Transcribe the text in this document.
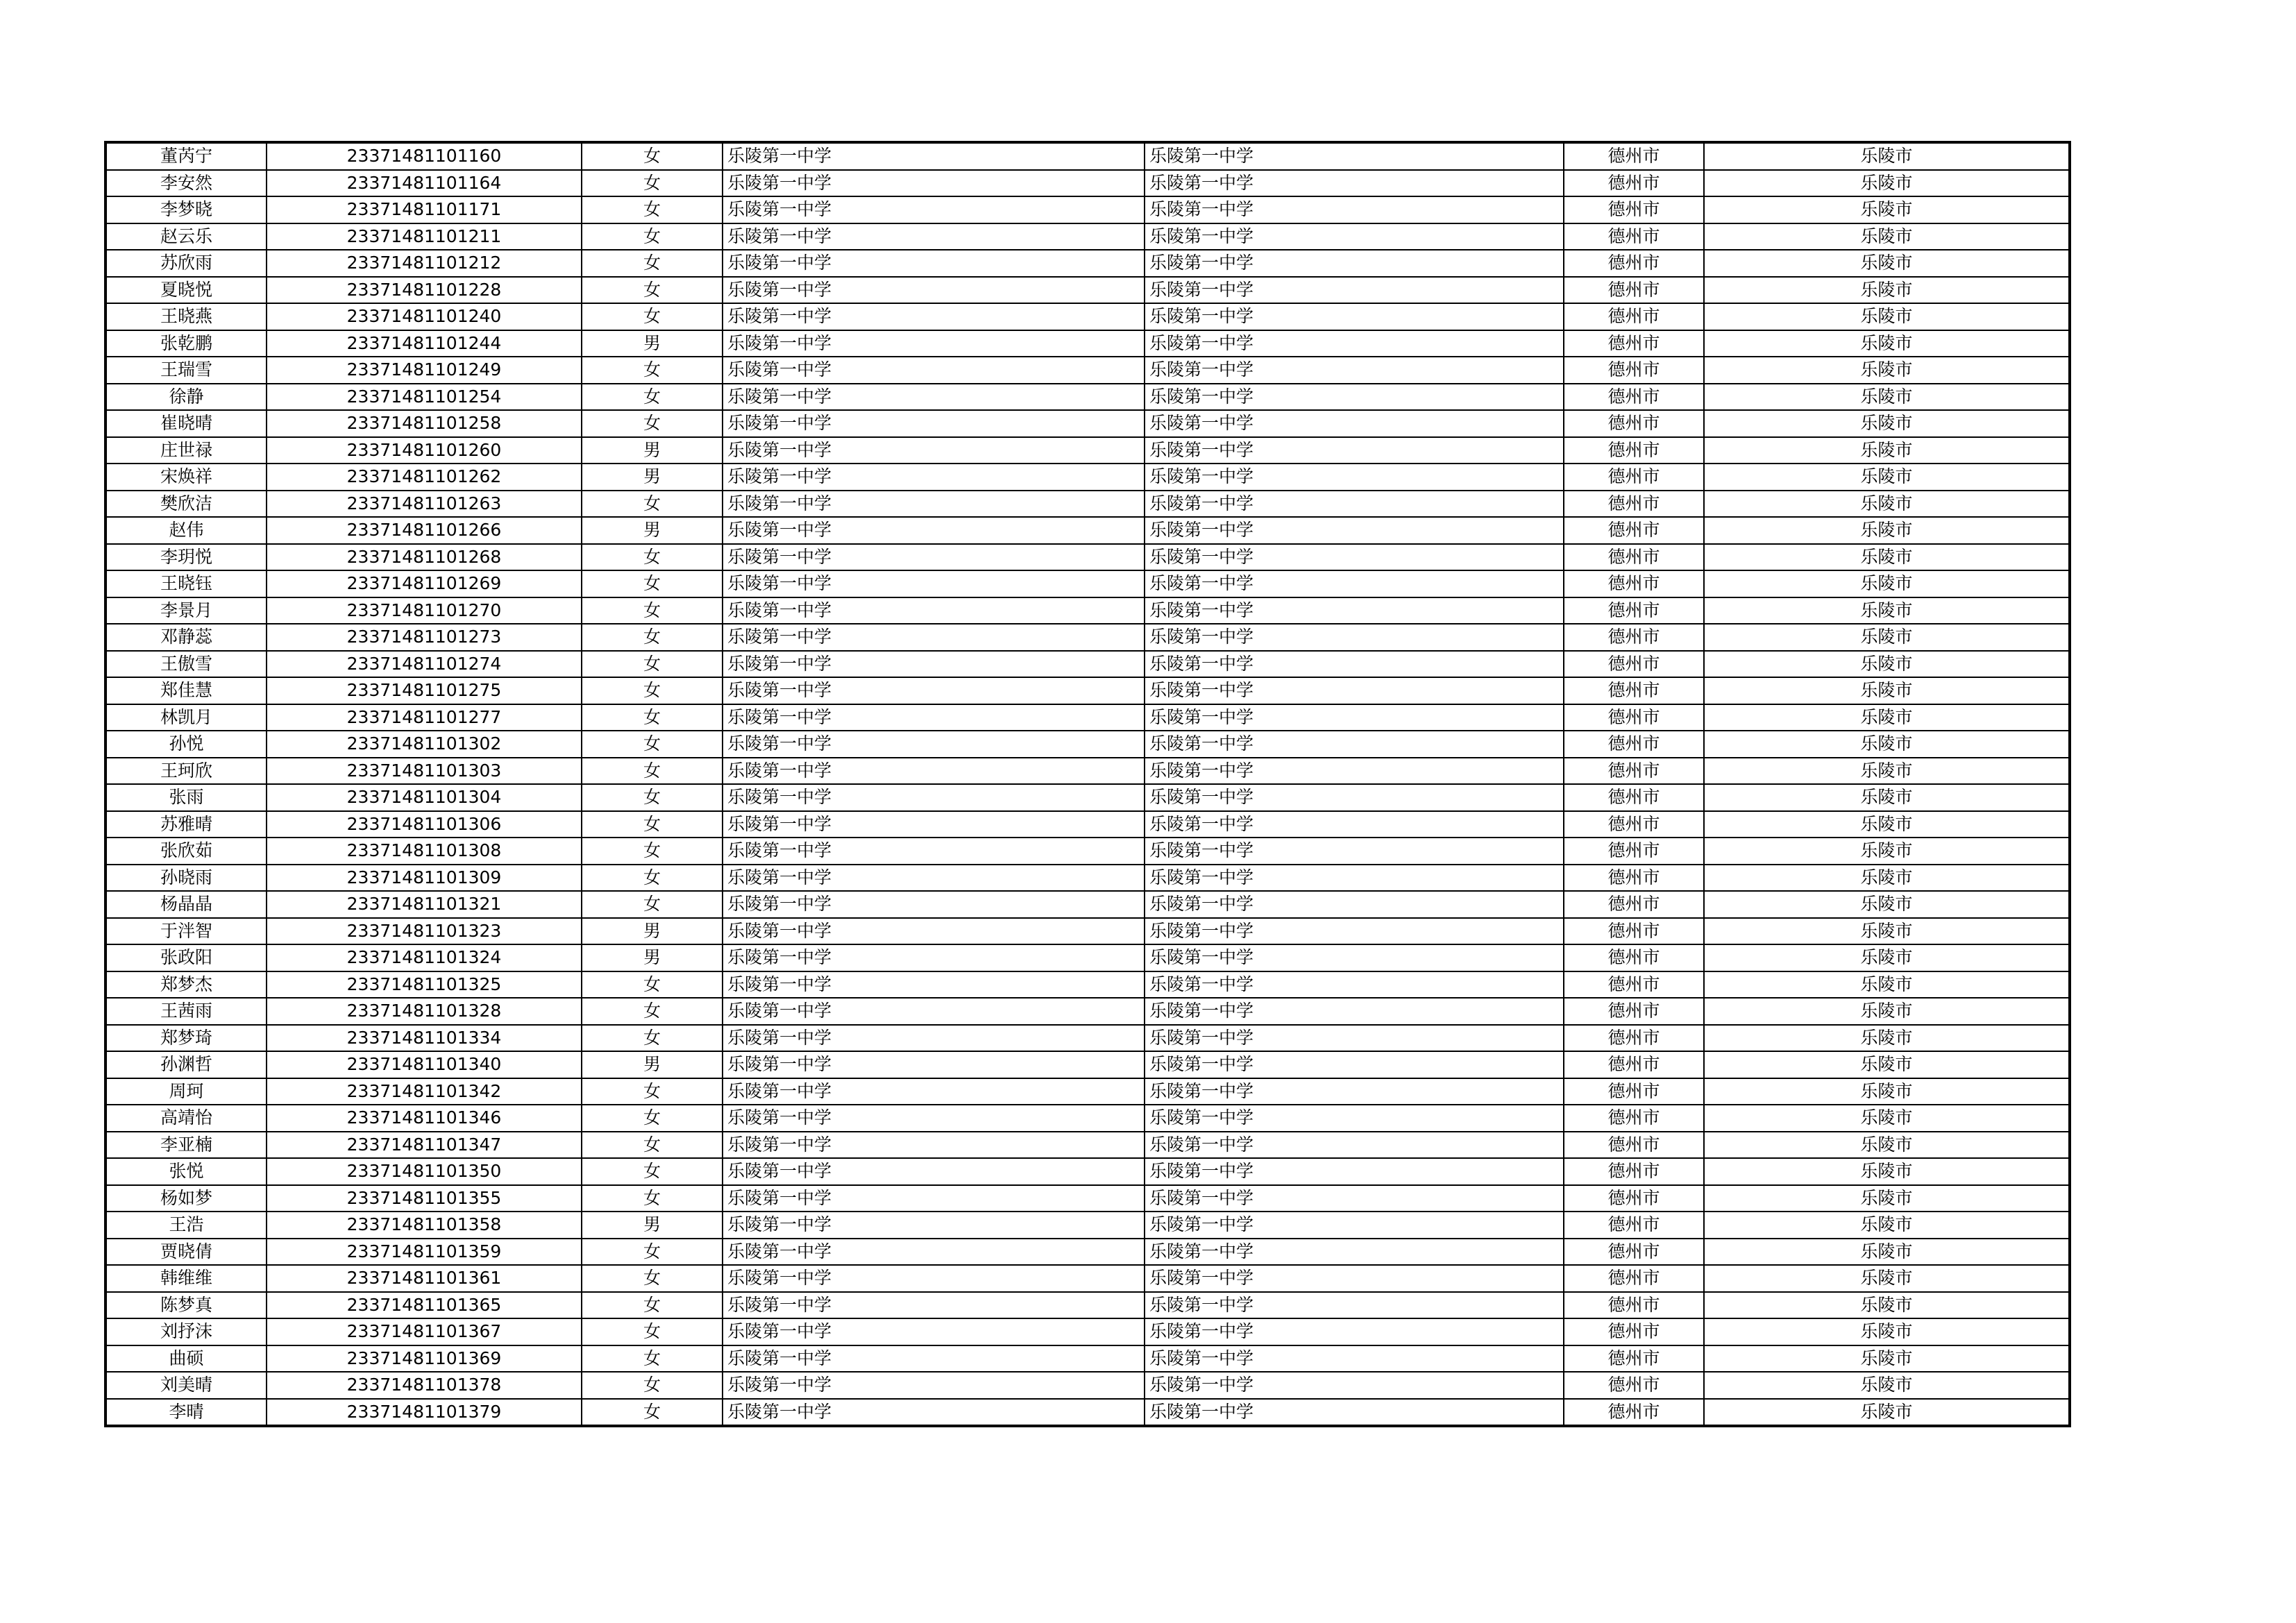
董芮宁	23371481101160	女	乐陵第一中学	乐陵第一中学	德州市	乐陵市
李安然	23371481101164	女	乐陵第一中学	乐陵第一中学	德州市	乐陵市
李梦晓	23371481101171	女	乐陵第一中学	乐陵第一中学	德州市	乐陵市
赵云乐	23371481101211	女	乐陵第一中学	乐陵第一中学	德州市	乐陵市
苏欣雨	23371481101212	女	乐陵第一中学	乐陵第一中学	德州市	乐陵市
夏晓悦	23371481101228	女	乐陵第一中学	乐陵第一中学	德州市	乐陵市
王晓燕	23371481101240	女	乐陵第一中学	乐陵第一中学	德州市	乐陵市
张乾鹏	23371481101244	男	乐陵第一中学	乐陵第一中学	德州市	乐陵市
王瑞雪	23371481101249	女	乐陵第一中学	乐陵第一中学	德州市	乐陵市
徐静	23371481101254	女	乐陵第一中学	乐陵第一中学	德州市	乐陵市
崔晓晴	23371481101258	女	乐陵第一中学	乐陵第一中学	德州市	乐陵市
庄世禄	23371481101260	男	乐陵第一中学	乐陵第一中学	德州市	乐陵市
宋焕祥	23371481101262	男	乐陵第一中学	乐陵第一中学	德州市	乐陵市
樊欣洁	23371481101263	女	乐陵第一中学	乐陵第一中学	德州市	乐陵市
赵伟	23371481101266	男	乐陵第一中学	乐陵第一中学	德州市	乐陵市
李玥悦	23371481101268	女	乐陵第一中学	乐陵第一中学	德州市	乐陵市
王晓钰	23371481101269	女	乐陵第一中学	乐陵第一中学	德州市	乐陵市
李景月	23371481101270	女	乐陵第一中学	乐陵第一中学	德州市	乐陵市
邓静蕊	23371481101273	女	乐陵第一中学	乐陵第一中学	德州市	乐陵市
王傲雪	23371481101274	女	乐陵第一中学	乐陵第一中学	德州市	乐陵市
郑佳慧	23371481101275	女	乐陵第一中学	乐陵第一中学	德州市	乐陵市
林凯月	23371481101277	女	乐陵第一中学	乐陵第一中学	德州市	乐陵市
孙悦	23371481101302	女	乐陵第一中学	乐陵第一中学	德州市	乐陵市
王珂欣	23371481101303	女	乐陵第一中学	乐陵第一中学	德州市	乐陵市
张雨	23371481101304	女	乐陵第一中学	乐陵第一中学	德州市	乐陵市
苏雅晴	23371481101306	女	乐陵第一中学	乐陵第一中学	德州市	乐陵市
张欣茹	23371481101308	女	乐陵第一中学	乐陵第一中学	德州市	乐陵市
孙晓雨	23371481101309	女	乐陵第一中学	乐陵第一中学	德州市	乐陵市
杨晶晶	23371481101321	女	乐陵第一中学	乐陵第一中学	德州市	乐陵市
于泮智	23371481101323	男	乐陵第一中学	乐陵第一中学	德州市	乐陵市
张政阳	23371481101324	男	乐陵第一中学	乐陵第一中学	德州市	乐陵市
郑梦杰	23371481101325	女	乐陵第一中学	乐陵第一中学	德州市	乐陵市
王茜雨	23371481101328	女	乐陵第一中学	乐陵第一中学	德州市	乐陵市
郑梦琦	23371481101334	女	乐陵第一中学	乐陵第一中学	德州市	乐陵市
孙渊哲	23371481101340	男	乐陵第一中学	乐陵第一中学	德州市	乐陵市
周珂	23371481101342	女	乐陵第一中学	乐陵第一中学	德州市	乐陵市
高靖怡	23371481101346	女	乐陵第一中学	乐陵第一中学	德州市	乐陵市
李亚楠	23371481101347	女	乐陵第一中学	乐陵第一中学	德州市	乐陵市
张悦	23371481101350	女	乐陵第一中学	乐陵第一中学	德州市	乐陵市
杨如梦	23371481101355	女	乐陵第一中学	乐陵第一中学	德州市	乐陵市
王浩	23371481101358	男	乐陵第一中学	乐陵第一中学	德州市	乐陵市
贾晓倩	23371481101359	女	乐陵第一中学	乐陵第一中学	德州市	乐陵市
韩维维	23371481101361	女	乐陵第一中学	乐陵第一中学	德州市	乐陵市
陈梦真	23371481101365	女	乐陵第一中学	乐陵第一中学	德州市	乐陵市
刘抒沫	23371481101367	女	乐陵第一中学	乐陵第一中学	德州市	乐陵市
曲硕	23371481101369	女	乐陵第一中学	乐陵第一中学	德州市	乐陵市
刘美晴	23371481101378	女	乐陵第一中学	乐陵第一中学	德州市	乐陵市
李晴	23371481101379	女	乐陵第一中学	乐陵第一中学	德州市	乐陵市
